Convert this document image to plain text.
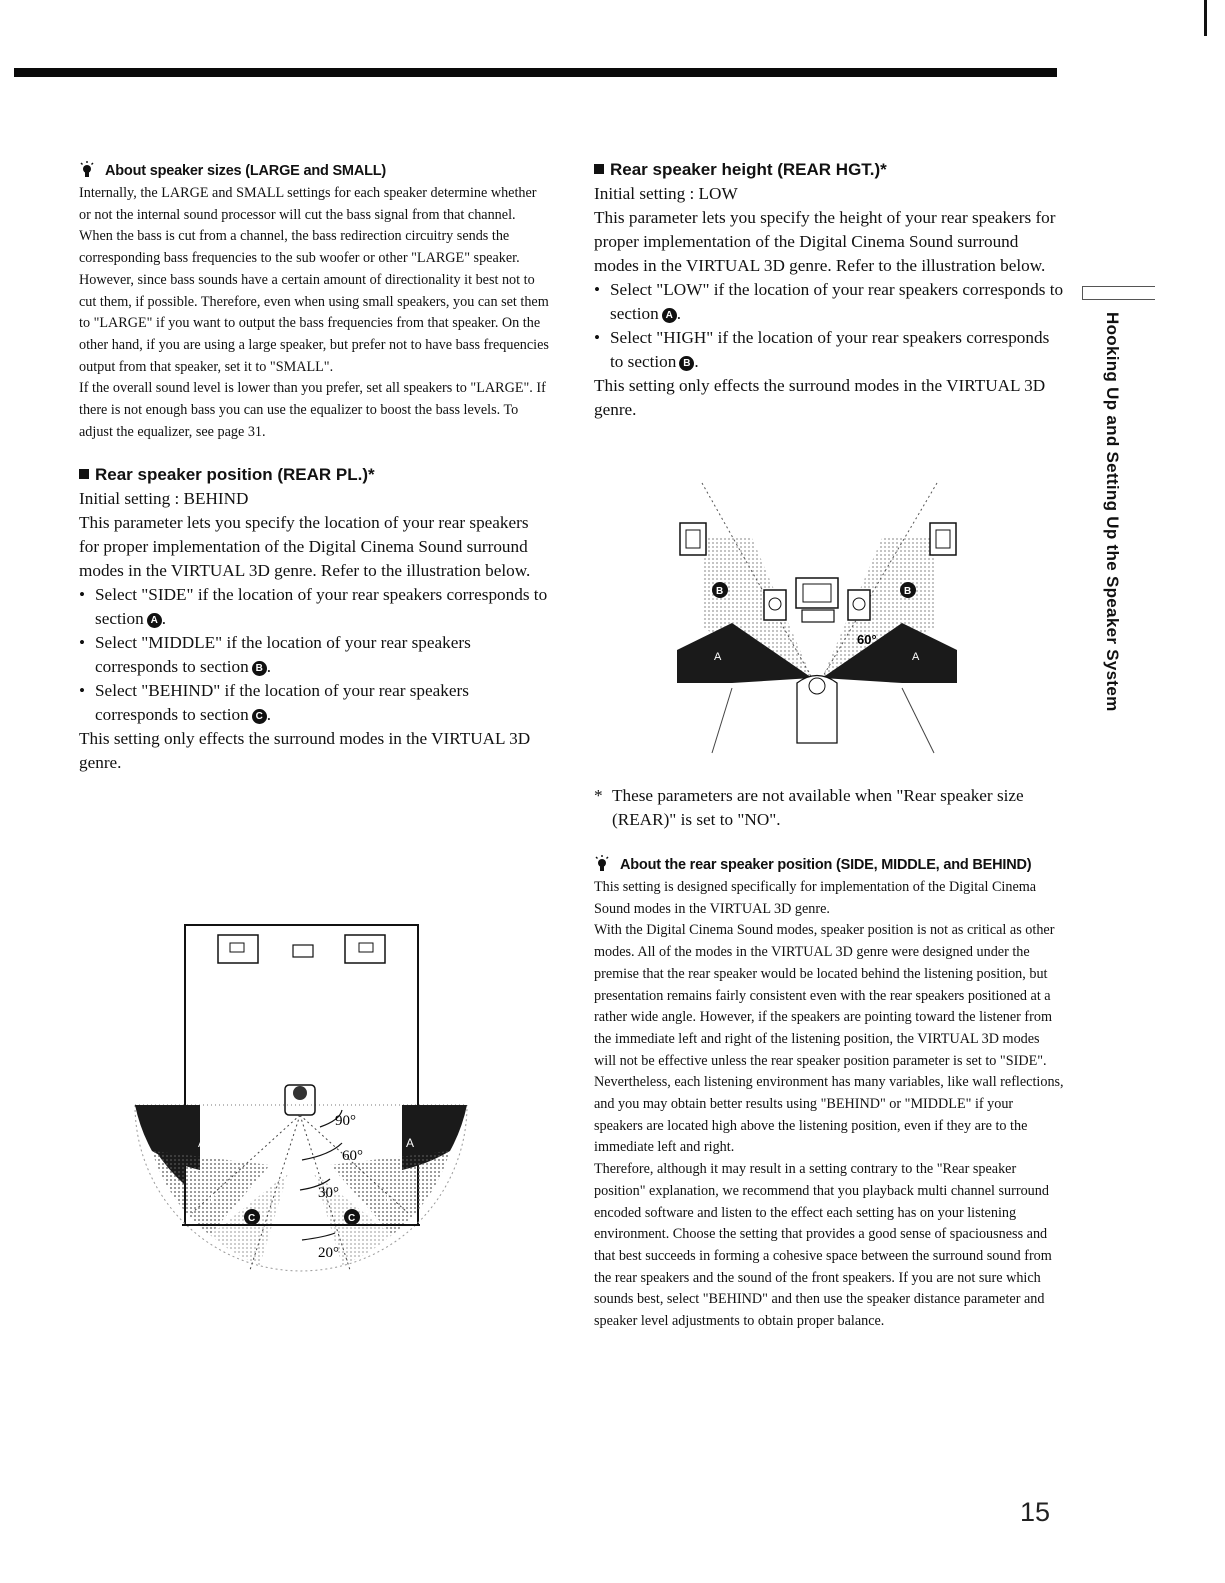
About speaker sizes (LARGE and SMALL)

Internally, the LARGE and SMALL settings for each speaker determine whether or not the internal sound processor will cut the bass signal from that channel. When the bass is cut from a channel, the bass redirection circuitry sends the corresponding bass frequencies to the sub woofer or other "LARGE" speaker. However, since bass sounds have a certain amount of directionality it best not to cut them, if possible. Therefore, even when using small speakers, you can set them to "LARGE" if you want to output the bass frequencies from that speaker. On the other hand, if you are using a large speaker, but prefer not to have bass frequencies output from that speaker, set it to "SMALL".

If the overall sound level is lower than you prefer, set all speakers to "LARGE". If there is not enough bass you can use the equalizer to boost the bass levels. To adjust the equalizer, see page 31.

Rear speaker position (REAR PL.)*

Initial setting : BEHIND

This parameter lets you specify the location of your rear speakers for proper implementation of the Digital Cinema Sound surround modes in the VIRTUAL 3D genre. Refer to the illustration below.

• Select "SIDE" if the location of your rear speakers corresponds to section A .
• Select "MIDDLE" if the location of your rear speakers corresponds to section B .
• Select "BEHIND" if the location of your rear speakers corresponds to section C .

This setting only effects the surround modes in the VIRTUAL 3D genre.

90°
60°
30°
20°
A	A
B	B
C	C
Rear speaker height (REAR HGT.)*

Initial setting : LOW

This parameter lets you specify the height of your rear speakers for proper implementation of the Digital Cinema Sound surround modes in the VIRTUAL 3D genre. Refer to the illustration below.

• Select "LOW" if the location of your rear speakers corresponds to section A .
• Select "HIGH" if the location of your rear speakers corresponds to section B .

This setting only effects the surround modes in the VIRTUAL 3D genre.

60°
A	A
B	B

* These parameters are not available when "Rear speaker size (REAR)" is set to "NO".

About the rear speaker position (SIDE, MIDDLE, and BEHIND)

This setting is designed specifically for implementation of the Digital Cinema Sound modes in the VIRTUAL 3D genre.

With the Digital Cinema Sound modes, speaker position is not as critical as other modes. All of the modes in the VIRTUAL 3D genre were designed under the premise that the rear speaker would be located behind the listening position, but presentation remains fairly consistent even with the rear speakers positioned at a rather wide angle. However, if the speakers are pointing toward the listener from the immediate left and right of the listening position, the VIRTUAL 3D modes will not be effective unless the rear speaker position parameter is set to "SIDE". Nevertheless, each listening environment has many variables, like wall reflections, and you may obtain better results using "BEHIND" or "MIDDLE" if your speakers are located high above the listening position, even if they are to the immediate left and right.

Therefore, although it may result in a setting contrary to the "Rear speaker position" explanation, we recommend that you playback multi channel surround encoded software and listen to the effect each setting has on your listening environment. Choose the setting that provides a good sense of spaciousness and that best succeeds in forming a cohesive space between the surround sound from the rear speakers and the sound of the front speakers. If you are not sure which sounds best, select "BEHIND" and then use the speaker distance parameter and speaker level adjustments to obtain proper balance.

Hooking Up and Setting Up the Speaker System
15
